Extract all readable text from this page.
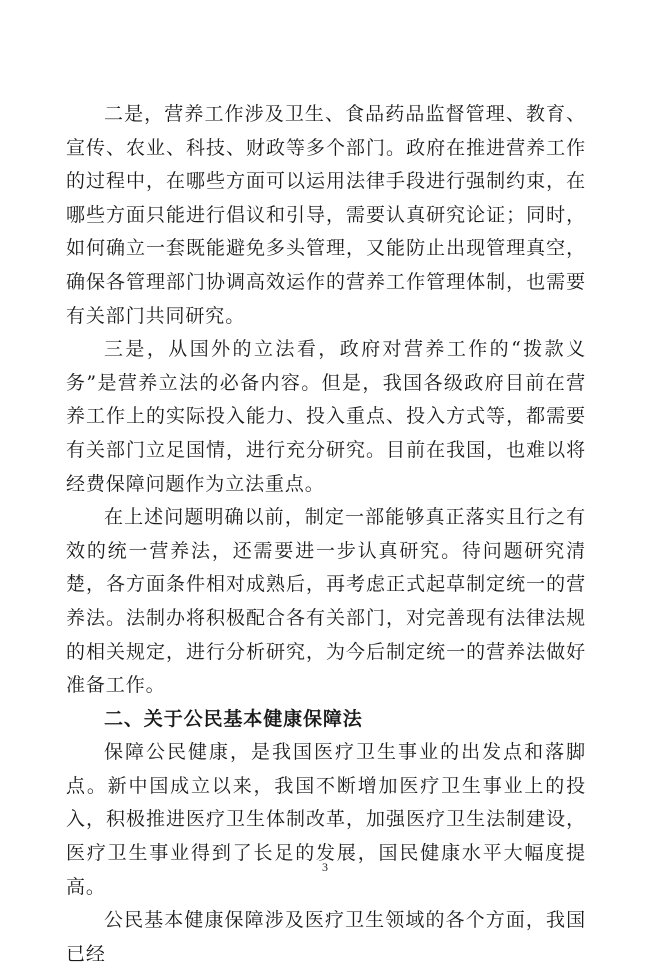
二是，营养工作涉及卫生、食品药品监督管理、教育、宣传、农业、科技、财政等多个部门。政府在推进营养工作的过程中，在哪些方面可以运用法律手段进行强制约束，在哪些方面只能进行倡议和引导，需要认真研究论证；同时，如何确立一套既能避免多头管理，又能防止出现管理真空，确保各管理部门协调高效运作的营养工作管理体制，也需要有关部门共同研究。

三是，从国外的立法看，政府对营养工作的“拨款义务”是营养立法的必备内容。但是，我国各级政府目前在营养工作上的实际投入能力、投入重点、投入方式等，都需要有关部门立足国情，进行充分研究。目前在我国，也难以将经费保障问题作为立法重点。

在上述问题明确以前，制定一部能够真正落实且行之有效的统一营养法，还需要进一步认真研究。待问题研究清楚，各方面条件相对成熟后，再考虑正式起草制定统一的营养法。法制办将积极配合各有关部门，对完善现有法律法规的相关规定，进行分析研究，为今后制定统一的营养法做好准备工作。

二、关于公民基本健康保障法

保障公民健康，是我国医疗卫生事业的出发点和落脚点。新中国成立以来，我国不断增加医疗卫生事业上的投入，积极推进医疗卫生体制改革，加强医疗卫生法制建设，医疗卫生事业得到了长足的发展，国民健康水平大幅度提高。

公民基本健康保障涉及医疗卫生领域的各个方面，我国已经

3
